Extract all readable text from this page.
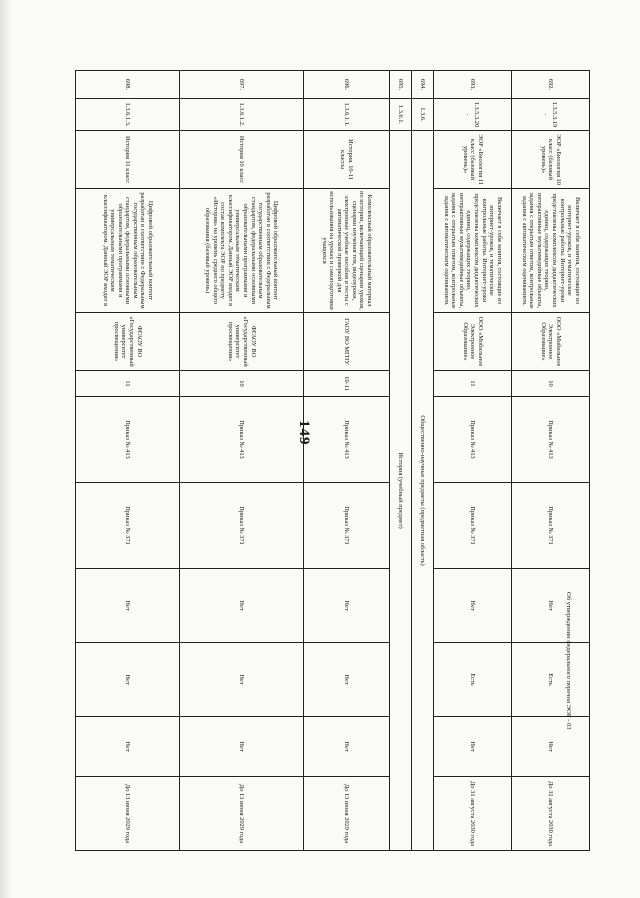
149
692.	1.3.5.3.19.	ЭОР «Биология 10 класс (базовый уровень)»	Включает в себя занятия, состоящие из интернет-уроков, и тематические контрольные работы. Интернет-уроки представлены комплексом дидактических единиц, содержащих теорию, интерактивные мультимедийные объекты, задания с открытым ответом, контрольные задания с автоматическим оцениванием.	ООО «Мобильное Электронное Образование»	10	Приказ № 413	Приказ № 371	Нет	Есть	Нет	До 31 августа 2030 года
693.	1.3.5.3.20.	ЭОР «Биология 11 класс (базовый уровень)»	Включает в себя занятия, состоящие из интернет-уроков, и тематические контрольные работы. Интернет-уроки представлены комплексом дидактических единиц, содержащих теорию, интерактивные мультимедийные объекты, задания с открытым ответом, контрольные задания с автоматическим оцениванием.	ООО «Мобильное Электронное Образование»	11	Приказ № 413	Приказ № 371	Нет	Есть	Нет	До 31 августа 2030 года
694.	1.3.6.	Общественно-научные предметы (предметная область)									
695.	1.3.6.1.	История (учебный предмет)									
696.	1.3.6.1.1.	История. 10-11 классы	Комплексный образовательный материал по истории, включающий сценарии уроков, сценарии изучения тем, видеоуроки, электронные учебные пособия и тесты с автоматической проверкой для использования на уроках и самоподготовки учащихся	ГАОУ ВО МГПУ	10-11	Приказ № 413	Приказ № 371	Нет	Нет	Нет	До 13 июня 2029 года
697.	1.3.6.1.2.	История 10 класс	Цифровой образовательный контент разработан в соответствии с Федеральным государственным образовательным стандартом, федеральными основными образовательными программами и универсальным тематическим классификатором. Данный ЭОР входит в состав комплекта ЭОР по предмету «История» на уровень среднего общего образования (базовый уровень)	ФГАОУ ВО «Государственный университет просвещения»	10	Приказ № 413	Приказ № 371	Нет	Нет	Нет	До 13 июня 2029 года
698.	1.3.6.1.3.	История 11 класс	Цифровой образовательный контент разработан в соответствии с Федеральным государственным образовательным стандартом, федеральными основными образовательными программами и универсальным тематическим классификатором. Данный ЭОР входит в	ФГАОУ ВО «Государственный университет просвещения»	11	Приказ № 413	Приказ № 371	Нет	Нет	Нет	До 13 июня 2029 года
Об утверждении федерального перечня ЭОР - 03
